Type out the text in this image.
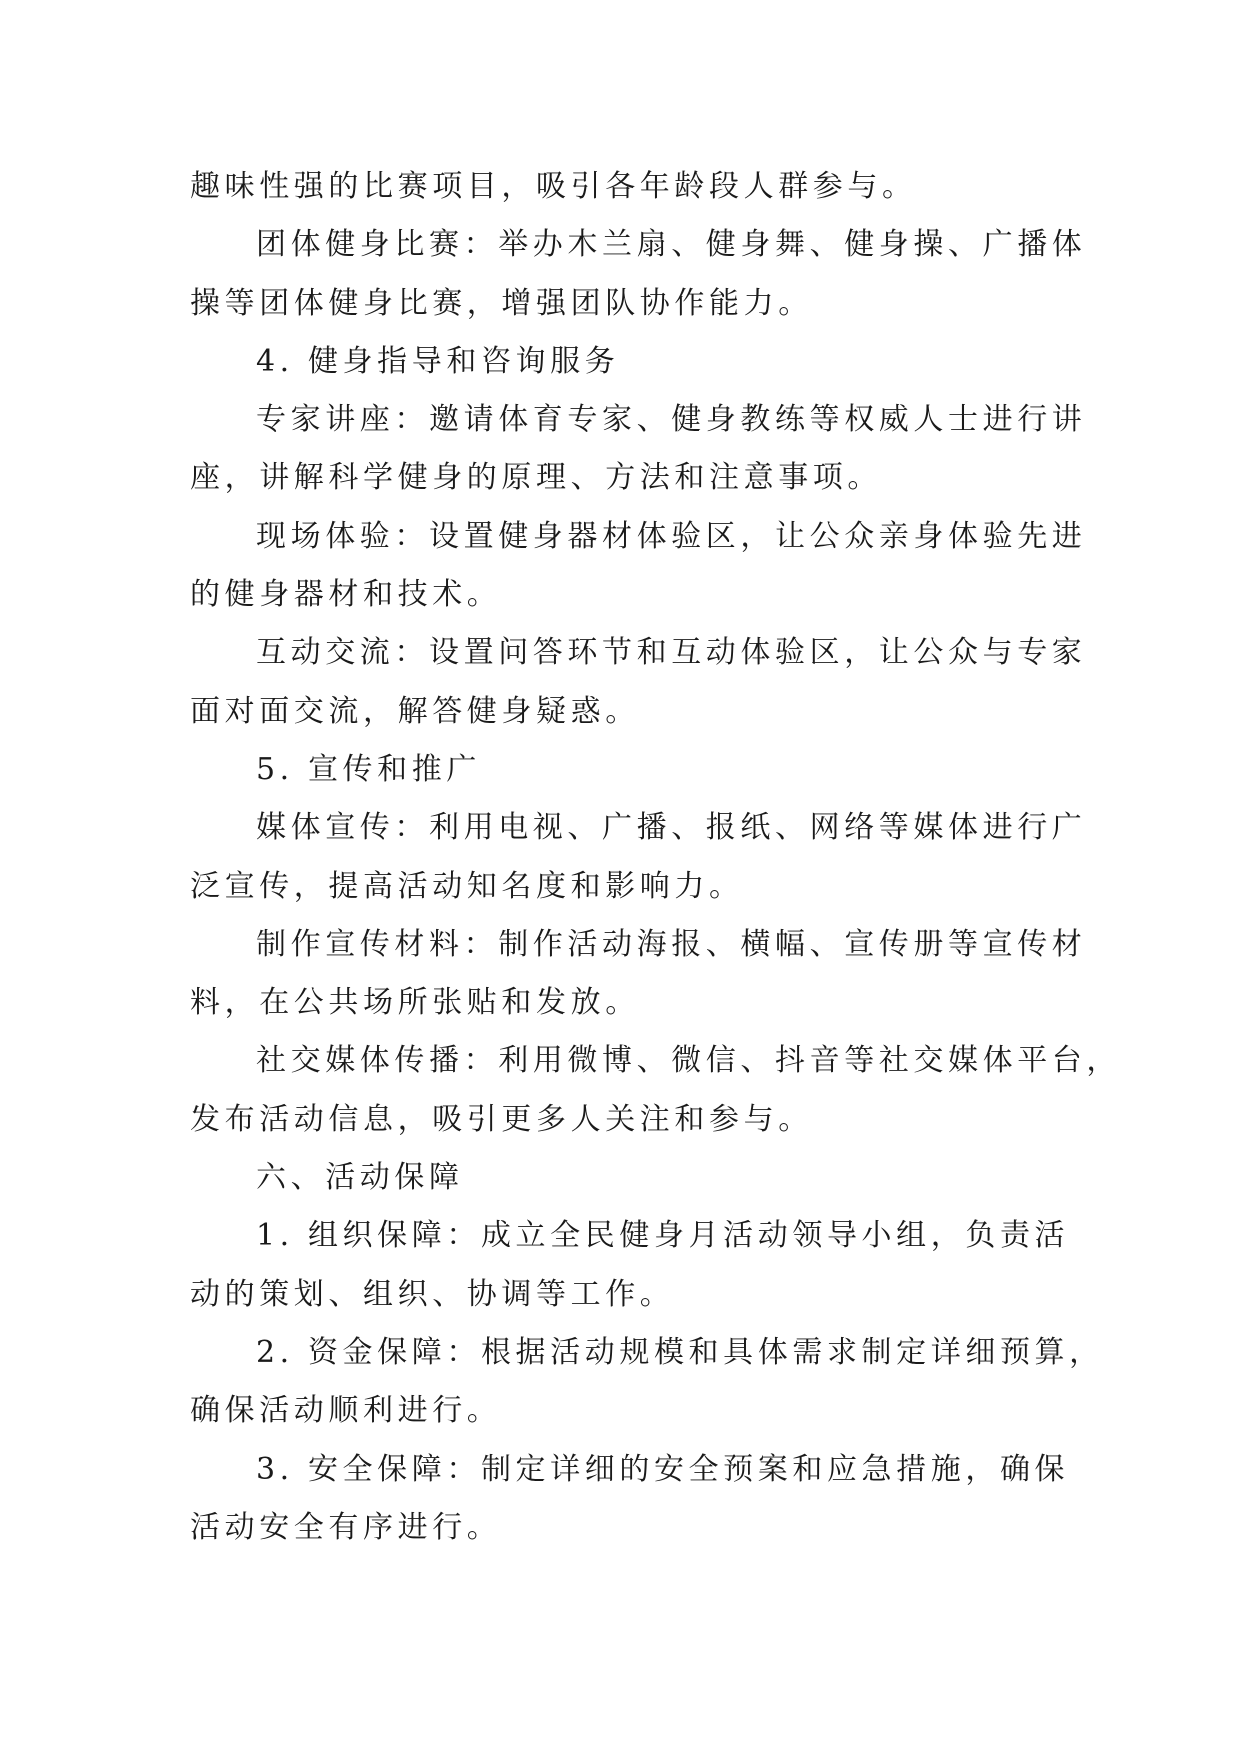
趣味性强的比赛项目，吸引各年龄段人群参与。
团体健身比赛：举办木兰扇、健身舞、健身操、广播体
操等团体健身比赛，增强团队协作能力。
4. 健身指导和咨询服务
专家讲座：邀请体育专家、健身教练等权威人士进行讲
座，讲解科学健身的原理、方法和注意事项。
现场体验：设置健身器材体验区，让公众亲身体验先进
的健身器材和技术。
互动交流：设置问答环节和互动体验区，让公众与专家
面对面交流，解答健身疑惑。
5. 宣传和推广
媒体宣传：利用电视、广播、报纸、网络等媒体进行广
泛宣传，提高活动知名度和影响力。
制作宣传材料：制作活动海报、横幅、宣传册等宣传材
料，在公共场所张贴和发放。
社交媒体传播：利用微博、微信、抖音等社交媒体平台，
发布活动信息，吸引更多人关注和参与。
六、活动保障
1. 组织保障：成立全民健身月活动领导小组，负责活
动的策划、组织、协调等工作。
2. 资金保障：根据活动规模和具体需求制定详细预算，
确保活动顺利进行。
3. 安全保障：制定详细的安全预案和应急措施，确保
活动安全有序进行。
